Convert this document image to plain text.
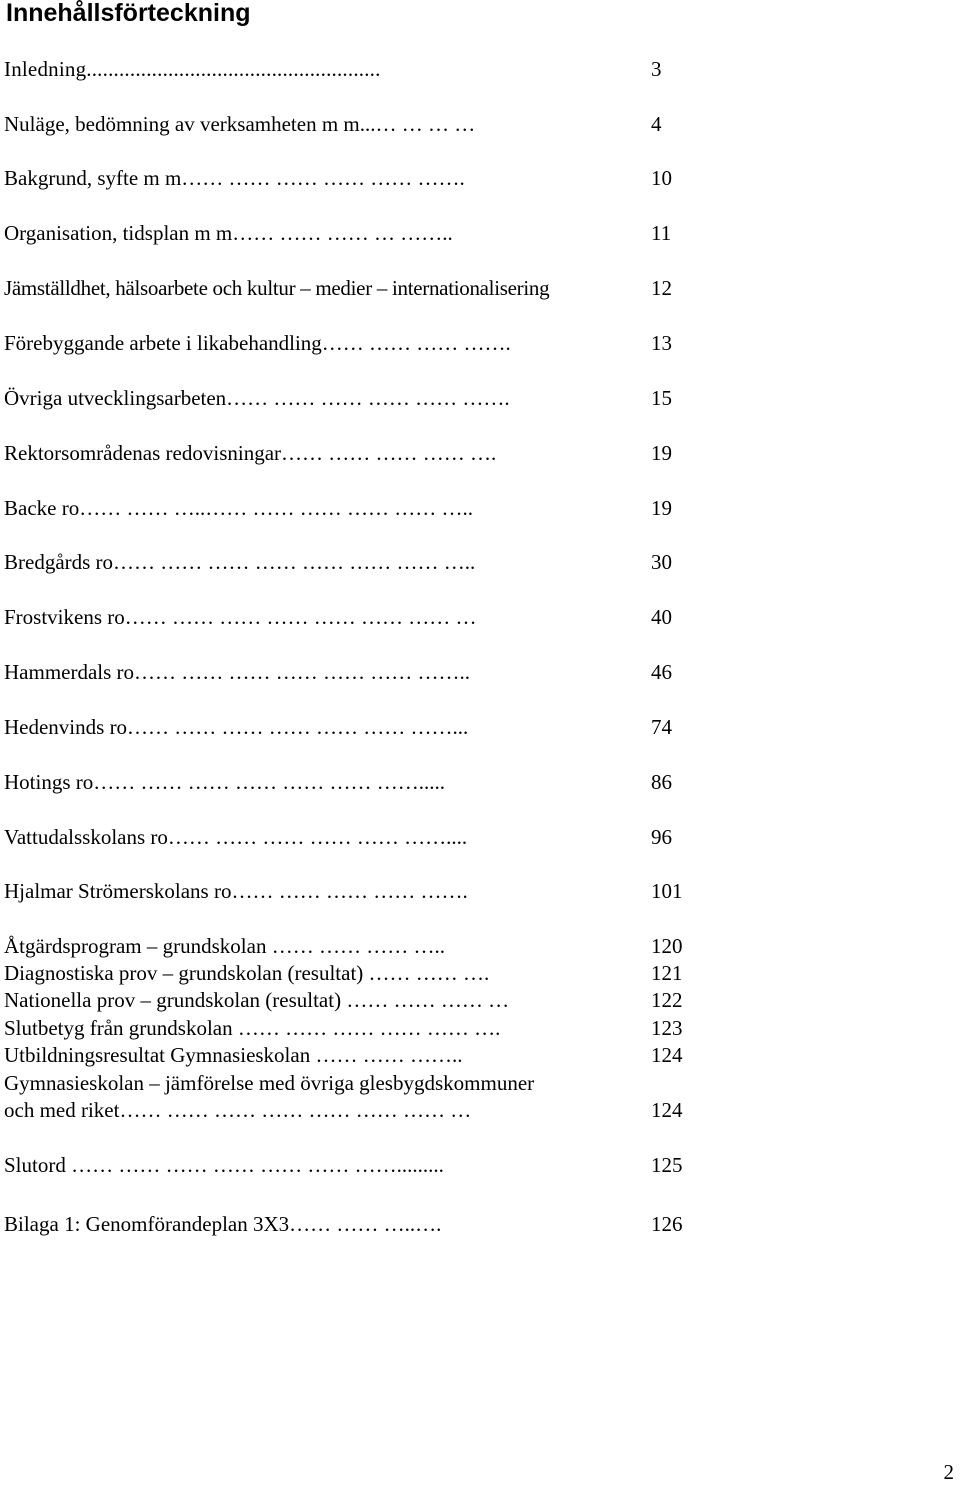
Innehållsförteckning
Inledning......................................................	3
Nuläge, bedömning av verksamheten m m...… … … …	4
Bakgrund, syfte m m…… …… …… …… …… …….	10
Organisation, tidsplan m m…… …… …… … ……..	11
Jämställdhet, hälsoarbete och kultur – medier – internationalisering	12
Förebyggande arbete i likabehandling…… …… …… …….	13
Övriga utvecklingsarbeten…… …… …… …… …… …….	15
Rektorsområdenas redovisningar…… …… …… …… ….	19
Backe ro…… …… …..…… …… …… …… …… …..	19
Bredgårds ro…… …… …… …… …… …… …… …..	30
Frostvikens ro…… …… …… …… …… …… …… …	40
Hammerdals ro…… …… …… …… …… …… ……..	46
Hedenvinds ro…… …… …… …… …… …… ……...	74
Hotings ro…… …… …… …… …… …… …….....	86
Vattudalsskolans ro…… …… …… …… …… ……....	96
Hjalmar Strömerskolans ro…… …… …… …… …….	101
Åtgärdsprogram – grundskolan …… …… …… …..	120
Diagnostiska prov – grundskolan (resultat) …… …… ….	121
Nationella prov – grundskolan (resultat) …… …… …… …	122
Slutbetyg från grundskolan …… …… …… …… …… ….	123
Utbildningsresultat Gymnasieskolan …… …… ……..	124
Gymnasieskolan – jämförelse med övriga glesbygdskommuner
och med riket…… …… …… …… …… …… …… …	124
Slutord …… …… …… …… …… …… …….........	125
Bilaga 1: Genomförandeplan 3X3…… …… …..….	126
2
